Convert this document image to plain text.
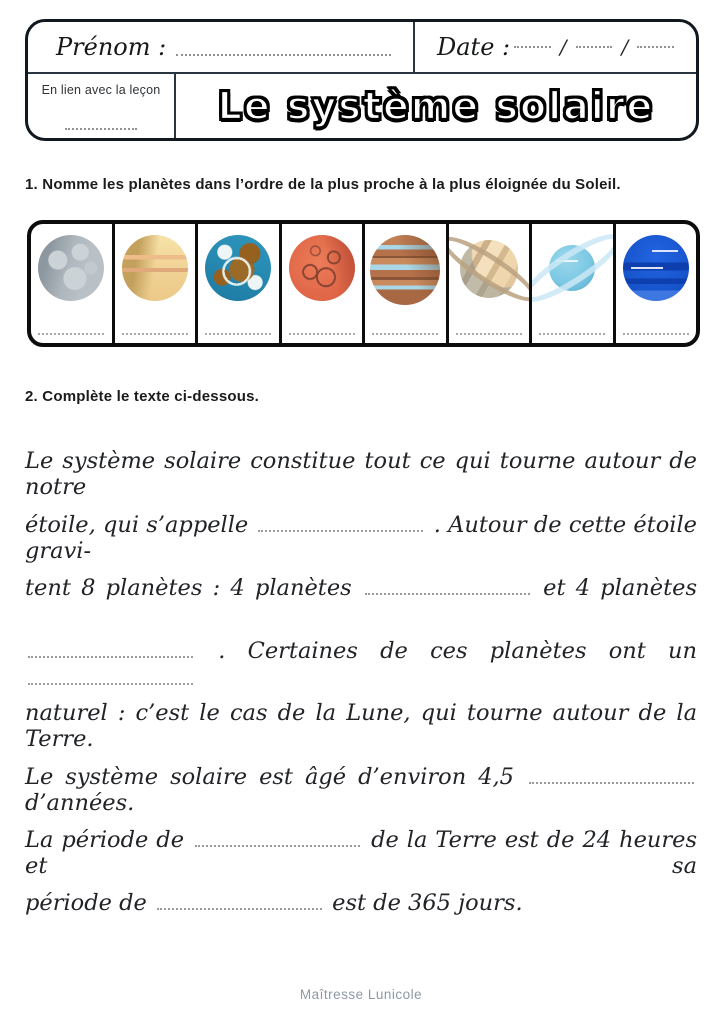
Prénom :	Date : /	/
En lien avec la leçon Le système solaire
1. Nomme les planètes dans l’ordre de la plus proche à la plus éloignée du Soleil.
2. Complète le texte ci-dessous.
Le système solaire constitue tout ce qui tourne autour de notre
étoile, qui s’appelle	. Autour de cette étoile gravi-
tent 8 planètes : 4 planètes	et 4 planètes
. Certaines de ces planètes ont un
naturel : c’est le cas de la Lune, qui tourne autour de la Terre.
Le système solaire est âgé d’environ 4,5  d’années.
La période de	de la Terre est de 24 heures et sa
période de	est de 365 jours.
Maîtresse Lunicole
